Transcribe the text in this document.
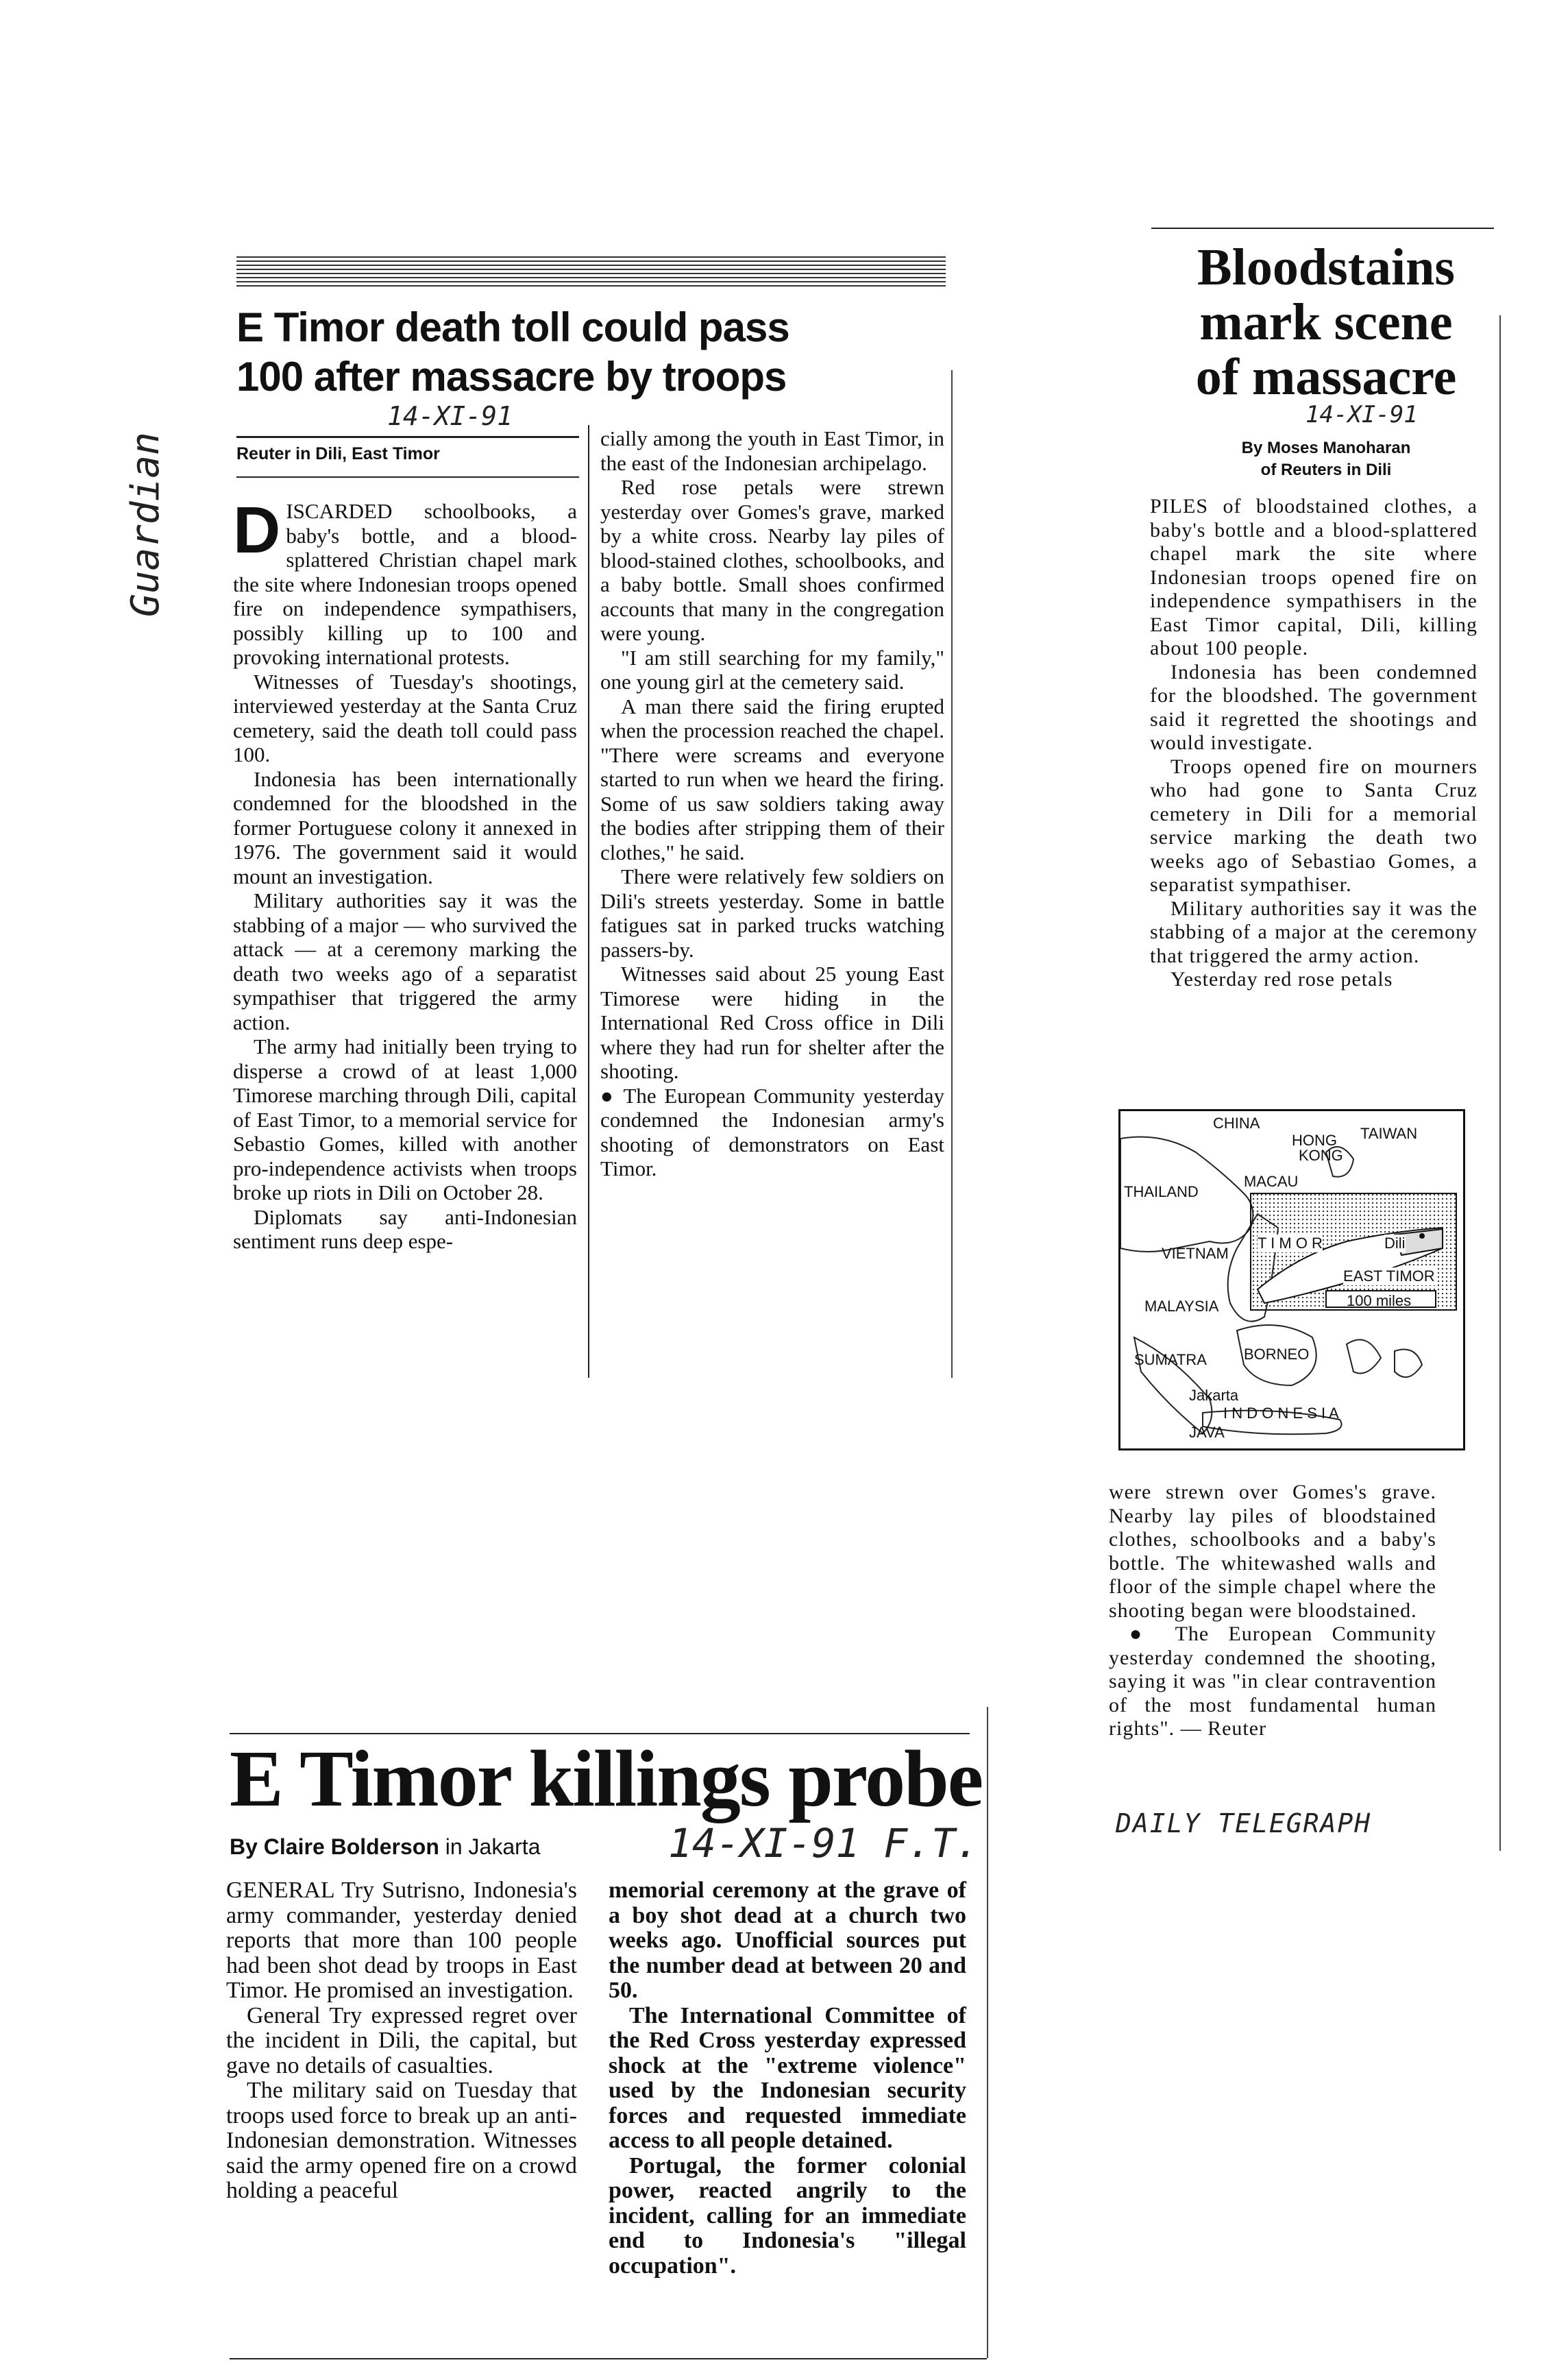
E Timor death toll could pass
100 after massacre by troops
14-XI-91
Reuter in Dili, East Timor
Guardian DISCARDED schoolbooks, a baby's bottle, and a blood-splattered Christian chapel mark the site where Indonesian troops opened fire on independence sympathisers, possibly killing up to 100 and provoking international protests.

Witnesses of Tuesday's shootings, interviewed yesterday at the Santa Cruz cemetery, said the death toll could pass 100.

Indonesia has been internationally condemned for the bloodshed in the former Portuguese colony it annexed in 1976. The government said it would mount an investigation.

Military authorities say it was the stabbing of a major — who survived the attack — at a ceremony marking the death two weeks ago of a separatist sympathiser that triggered the army action.

The army had initially been trying to disperse a crowd of at least 1,000 Timorese marching through Dili, capital of East Timor, to a memorial service for Sebastio Gomes, killed with another pro-independence activists when troops broke up riots in Dili on October 28.

Diplomats say anti-Indonesian sentiment runs deep espe-

cially among the youth in East Timor, in the east of the Indonesian archipelago.

Red rose petals were strewn yesterday over Gomes's grave, marked by a white cross. Nearby lay piles of blood-stained clothes, schoolbooks, and a baby bottle. Small shoes confirmed accounts that many in the congregation were young.

"I am still searching for my family," one young girl at the cemetery said.

A man there said the firing erupted when the procession reached the chapel. "There were screams and everyone started to run when we heard the firing. Some of us saw soldiers taking away the bodies after stripping them of their clothes," he said.

There were relatively few soldiers on Dili's streets yesterday. Some in battle fatigues sat in parked trucks watching passers-by.

Witnesses said about 25 young East Timorese were hiding in the International Red Cross office in Dili where they had run for shelter after the shooting.

● The European Community yesterday condemned the Indonesian army's shooting of demonstrators on East Timor.

Bloodstains
mark scene
of massacre
14-XI-91
By Moses Manoharan
of Reuters in Dili

PILES of bloodstained clothes, a baby's bottle and a blood-splattered chapel mark the site where Indonesian troops opened fire on independence sympathisers in the East Timor capital, Dili, killing about 100 people.

Indonesia has been condemned for the bloodshed. The government said it regretted the shootings and would investigate.

Troops opened fire on mourners who had gone to Santa Cruz cemetery in Dili for a memorial service marking the death two weeks ago of Sebastiao Gomes, a separatist sympathiser.

Military authorities say it was the stabbing of a major at the ceremony that triggered the army action.

Yesterday red rose petals

CHINA
TAIWAN
HONG
KONG
MACAU
THAILAND
VIETNAM
T I M O R	Dili
EAST TIMOR
100 miles
MALAYSIA
SUMATRA BORNEO
Jakarta
I N D O N E S I A
JAVA

were strewn over Gomes's grave. Nearby lay piles of bloodstained clothes, schoolbooks and a baby's bottle. The whitewashed walls and floor of the simple chapel where the shooting began were bloodstained.

● The European Community yesterday condemned the shooting, saying it was "in clear contravention of the most fundamental human rights". — Reuter

DAILY TELEGRAPH
E Timor killings probe
By Claire Bolderson in Jakarta	14-XI-91 F.T.

GENERAL Try Sutrisno, Indonesia's army commander, yesterday denied reports that more than 100 people had been shot dead by troops in East Timor. He promised an investigation.

General Try expressed regret over the incident in Dili, the capital, but gave no details of casualties.

The military said on Tuesday that troops used force to break up an anti-Indonesian demonstration. Witnesses said the army opened fire on a crowd holding a peaceful

memorial ceremony at the grave of a boy shot dead at a church two weeks ago. Unofficial sources put the number dead at between 20 and 50.

The International Committee of the Red Cross yesterday expressed shock at the "extreme violence" used by the Indonesian security forces and requested immediate access to all people detained.

Portugal, the former colonial power, reacted angrily to the incident, calling for an immediate end to Indonesia's "illegal occupation".
